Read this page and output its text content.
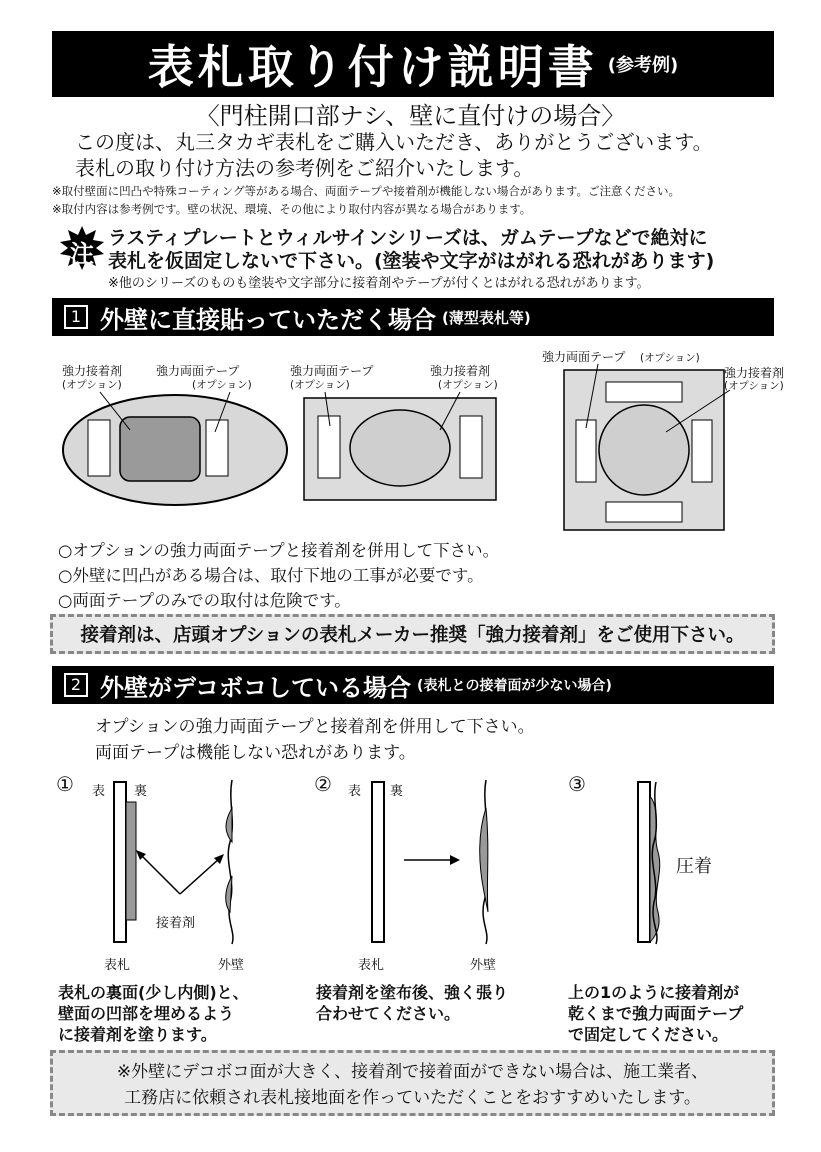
表札取り付け説明書 (参考例)
〈門柱開口部ナシ、壁に直付けの場合〉
この度は、丸三タカギ表札をご購入いただき、ありがとうございます。
表札の取り付け方法の参考例をご紹介いたします。
※取付壁面に凹凸や特殊コーティング等がある場合、両面テープや接着剤が機能しない場合があります。ご注意ください。
※取付内容は参考例です。壁の状況、環境、その他により取付内容が異なる場合があります。
注
ラスティプレートとウィルサインシリーズは、ガムテープなどで絶対に
表札を仮固定しないで下さい。(塗装や文字がはがれる恐れがあります)
※他のシリーズのものも塗装や文字部分に接着剤やテープが付くとはがれる恐れがあります。
1 外壁に直接貼っていただく場合 (薄型表札等)
強力接着剤
(オプション)
強力両面テープ
(オプション)
強力両面テープ
(オプション)
強力接着剤
(オプション)
強力両面テープ (オプション)
強力接着剤
(オプション)
○オプションの強力両面テープと接着剤を併用して下さい。
○外壁に凹凸がある場合は、取付下地の工事が必要です。
○両面テープのみでの取付は危険です。
接着剤は、店頭オプションの表札メーカー推奨「強力接着剤」をご使用下さい。
2 外壁がデコボコしている場合 (表札との接着面が少ない場合)
オプションの強力両面テープと接着剤を併用して下さい。
両面テープは機能しない恐れがあります。
① 表 裏
接着剤
表札	外壁
② 表 裏
表札	外壁
③
圧着
表札の裏面(少し内側)と、
壁面の凹部を埋めるよう
に接着剤を塗ります。
接着剤を塗布後、強く張り
合わせてください。
上の1のように接着剤が
乾くまで強力両面テープ
で固定してください。
※外壁にデコボコ面が大きく、接着剤で接着面ができない場合は、施工業者、
工務店に依頼され表札接地面を作っていただくことをおすすめいたします。
